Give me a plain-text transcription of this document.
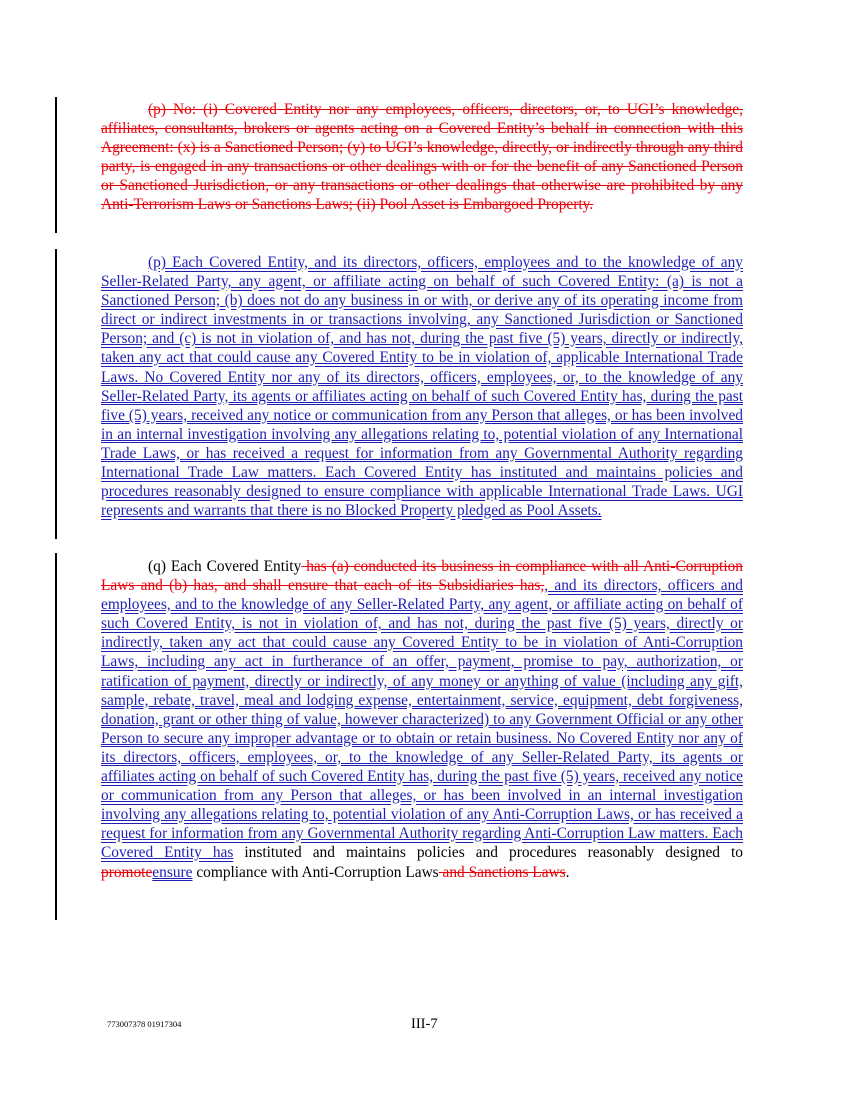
(p) No: (i) Covered Entity nor any employees, officers, directors, or, to UGI’s knowledge, affiliates, consultants, brokers or agents acting on a Covered Entity’s behalf in connection with this Agreement: (x) is a Sanctioned Person; (y) to UGI’s knowledge, directly, or indirectly through any third party, is engaged in any transactions or other dealings with or for the benefit of any Sanctioned Person or Sanctioned Jurisdiction, or any transactions or other dealings that otherwise are prohibited by any Anti-Terrorism Laws or Sanctions Laws; (ii) Pool Asset is Embargoed Property.

(p) Each Covered Entity, and its directors, officers, employees and to the knowledge of any Seller-Related Party, any agent, or affiliate acting on behalf of such Covered Entity: (a) is not a Sanctioned Person; (b) does not do any business in or with, or derive any of its operating income from direct or indirect investments in or transactions involving, any Sanctioned Jurisdiction or Sanctioned Person; and (c) is not in violation of, and has not, during the past five (5) years, directly or indirectly, taken any act that could cause any Covered Entity to be in violation of, applicable International Trade Laws. No Covered Entity nor any of its directors, officers, employees, or, to the knowledge of any Seller-Related Party, its agents or affiliates acting on behalf of such Covered Entity has, during the past five (5) years, received any notice or communication from any Person that alleges, or has been involved in an internal investigation involving any allegations relating to, potential violation of any International Trade Laws, or has received a request for information from any Governmental Authority regarding International Trade Law matters. Each Covered Entity has instituted and maintains policies and procedures reasonably designed to ensure compliance with applicable International Trade Laws. UGI represents and warrants that there is no Blocked Property pledged as Pool Assets.

(q) Each Covered Entity has (a) conducted its business in compliance with all Anti-Corruption Laws and (b) has, and shall ensure that each of its Subsidiaries has,, and its directors, officers and employees, and to the knowledge of any Seller-Related Party, any agent, or affiliate acting on behalf of such Covered Entity, is not in violation of, and has not, during the past five (5) years, directly or indirectly, taken any act that could cause any Covered Entity to be in violation of Anti-Corruption Laws, including any act in furtherance of an offer, payment, promise to pay, authorization, or ratification of payment, directly or indirectly, of any money or anything of value (including any gift, sample, rebate, travel, meal and lodging expense, entertainment, service, equipment, debt forgiveness, donation, grant or other thing of value, however characterized) to any Government Official or any other Person to secure any improper advantage or to obtain or retain business. No Covered Entity nor any of its directors, officers, employees, or, to the knowledge of any Seller-Related Party, its agents or affiliates acting on behalf of such Covered Entity has, during the past five (5) years, received any notice or communication from any Person that alleges, or has been involved in an internal investigation involving any allegations relating to, potential violation of any Anti-Corruption Laws, or has received a request for information from any Governmental Authority regarding Anti-Corruption Law matters. Each Covered Entity has instituted and maintains policies and procedures reasonably designed to promoteensure compliance with Anti-Corruption Laws and Sanctions Laws.

773007378 01917304	III-7
